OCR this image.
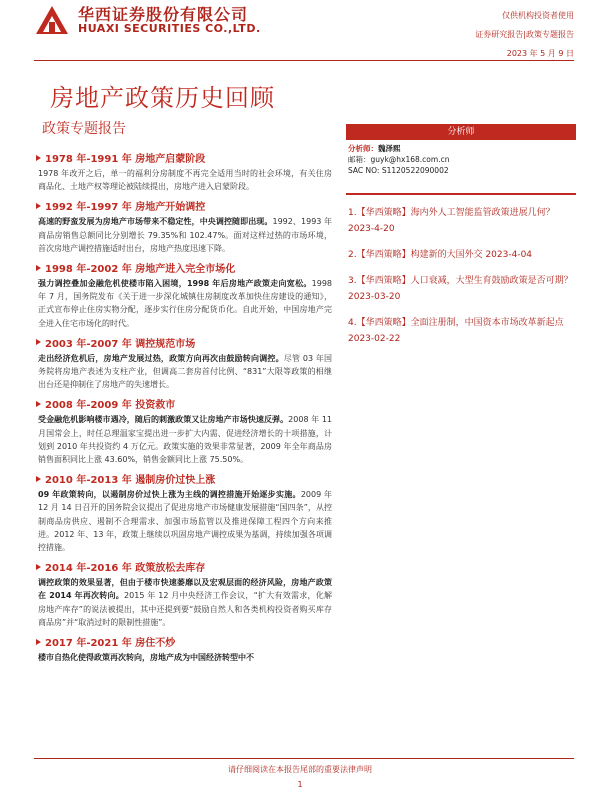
华西证券股份有限公司
HUAXI SECURITIES CO.,LTD.
仅供机构投资者使用
证券研究报告|政策专题报告
2023 年 5 月 9 日
房地产政策历史回顾
政策专题报告
1978 年-1991 年 房地产启蒙阶段
1978 年改开之后，单一的福利分房制度不再完全适用当时的社会环境，有关住房商品化、土地产权等理论被陆续提出，房地产进入启蒙阶段。
1992 年-1997 年 房地产开始调控
高速的野蛮发展为房地产市场带来不稳定性，中央调控随即出现。1992、1993 年商品房销售总额同比分别增长 79.35%和 102.47%。面对这样过热的市场环境，首次房地产调控措施适时出台，房地产热度迅速下降。
1998 年-2002 年 房地产进入完全市场化
强力调控叠加金融危机使楼市陷入困境，1998 年后房地产政策走向宽松。1998 年 7 月，国务院发布《关于进一步深化城镇住房制度改革加快住房建设的通知》，正式宣布停止住房实物分配，逐步实行住房分配货币化。自此开始，中国房地产完全进入住宅市场化的时代。
2003 年-2007 年 调控规范市场
走出经济危机后，房地产发展过热，政策方向再次由鼓励转向调控。尽管 03 年国务院将房地产表述为支柱产业，但调高二套房首付比例、“831”大限等政策的相继出台还是抑制住了房地产的失速增长。
2008 年-2009 年 投资救市
受金融危机影响楼市遇冷，随后的刺激政策又让房地产市场快速反弹。2008 年 11 月国常会上，时任总理温家宝提出进一步扩大内需、促进经济增长的十项措施，计划到 2010 年共投资约 4 万亿元。政策实施的效果非常显著，2009 年全年商品房销售面积同比上涨 43.60%，销售金额同比上涨 75.50%。
2010 年-2013 年 遏制房价过快上涨
09 年政策转向，以遏制房价过快上涨为主线的调控措施开始逐步实施。2009 年 12 月 14 日召开的国务院会议提出了促进房地产市场健康发展措施“国四条”，从控制商品房供应、遏制不合理需求、加强市场监管以及推进保障工程四个方向来推进。2012 年、13 年，政策上继续以巩固房地产调控成果为基调，持续加强各项调控措施。
2014 年-2016 年 政策放松去库存
调控政策的效果显著，但由于楼市快速萎靡以及宏观层面的经济风险，房地产政策在 2014 年再次转向。2015 年 12 月中央经济工作会议，“扩大有效需求，化解房地产库存”的说法被提出，其中还提到要“鼓励自然人和各类机构投资者购买库存商品房”并“取消过时的限制性措施”。
2017 年-2021 年 房住不炒
楼市自热化使得政策再次转向，房地产成为中国经济转型中不
分析师
分析师：魏泽熙
邮箱：guyk@hx168.com.cn
SAC NO: S1120522090002
1.【华西策略】海内外人工智能监管政策进展几何？ 2023-4-20
2.【华西策略】构建新的大国外交 2023-4-04
3.【华西策略】人口衰减，大型生育鼓励政策是否可期？ 2023-03-20
4.【华西策略】全面注册制，中国资本市场改革新起点 2023-02-22
请仔细阅读在本报告尾部的重要法律声明
1
